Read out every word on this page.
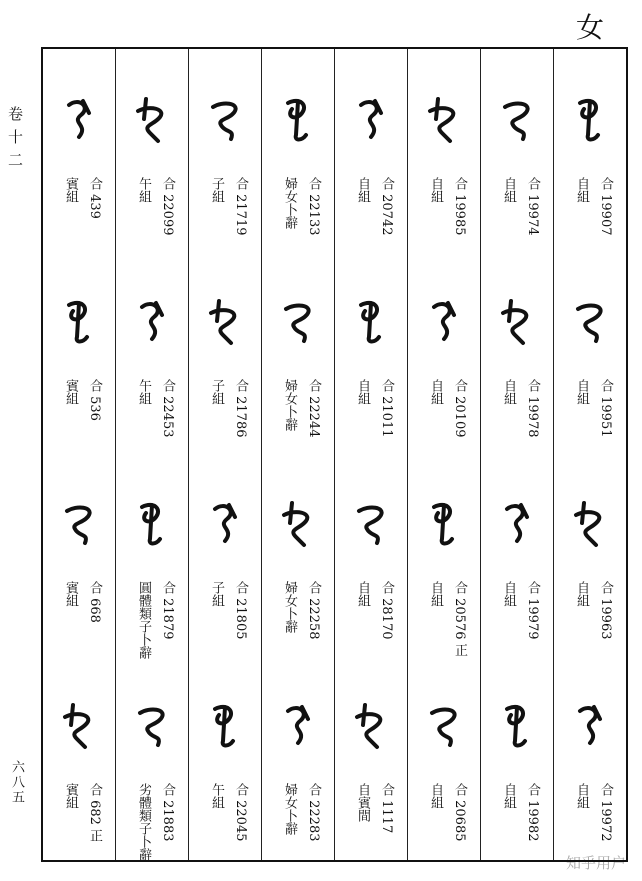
女
卷十二
六八五
知乎用户
合 19907
自組
合 19951
自組
合 19963
自組
合 19972
自組
合 19974
自組
合 19978
自組
合 19979
自組
合 19982
自組
合 19985
自組
合 20109
自組
合 20576 正
自組
合 20685
自組
合 20742
自組
合 21011
自組
合 28170
自組
合 1117
自賓間
合 22133
婦女卜辭
合 22244
婦女卜辭
合 22258
婦女卜辭
合 22283
婦女卜辭
合 21719
子組
合 21786
子組
合 21805
子組
合 22045
午組
合 22099
午組
合 22453
午組
合 21879
圓體類子卜辭
合 21883
劣體類子卜辭
合 439
賓組
合 536
賓組
合 668
賓組
合 682 正
賓組
